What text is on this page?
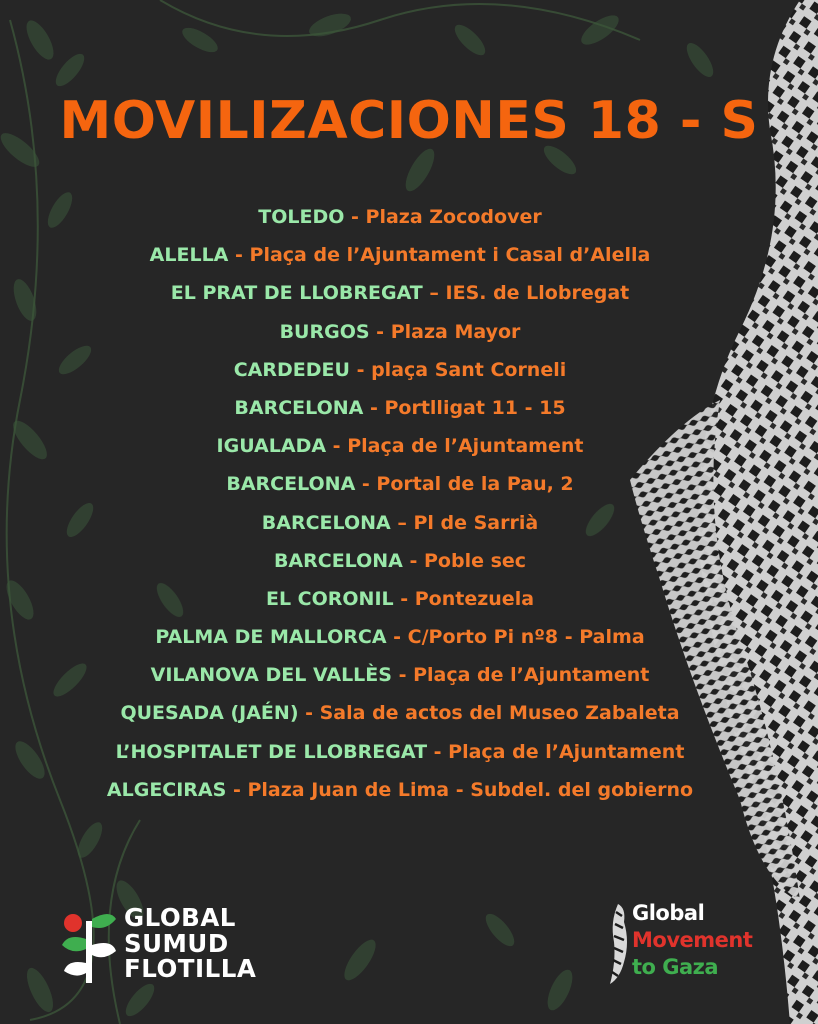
MOVILIZACIONES 18 - S
TOLEDO - Plaza Zocodover
ALELLA - Plaça de l’Ajuntament i Casal d’Alella
EL PRAT DE LLOBREGAT – IES. de Llobregat
BURGOS - Plaza Mayor
CARDEDEU - plaça Sant Corneli
BARCELONA - Portlligat 11 - 15
IGUALADA - Plaça de l’Ajuntament
BARCELONA - Portal de la Pau, 2
BARCELONA – Pl de Sarrià
BARCELONA - Poble sec
EL CORONIL - Pontezuela
PALMA DE MALLORCA - C/Porto Pi nº8 - Palma
VILANOVA DEL VALLÈS - Plaça de l’Ajuntament
QUESADA (JAÉN) - Sala de actos del Museo Zabaleta
L’HOSPITALET DE LLOBREGAT - Plaça de l’Ajuntament
ALGECIRAS - Plaza Juan de Lima - Subdel. del gobierno
GLOBAL
SUMUD
FLOTILLA
Global
Movement
to Gaza
